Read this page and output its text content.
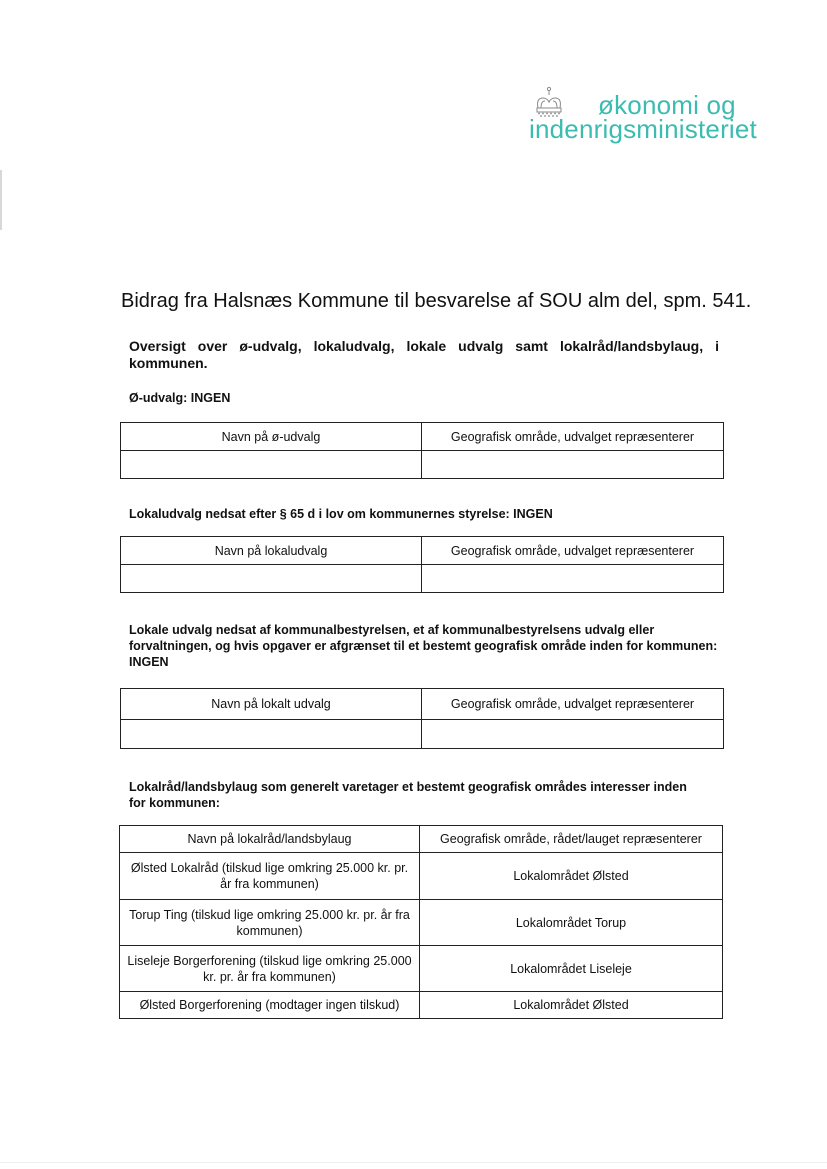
økonomi og
indenrigsministeriet
Bidrag fra Halsnæs Kommune til besvarelse af SOU alm del, spm. 541.
Oversigt over ø-udvalg, lokaludvalg, lokale udvalg samt lokalråd/landsbylaug, i kommunen.
Ø-udvalg: INGEN
Navn på ø-udvalg	Geografisk område, udvalget repræsenterer

Lokaludvalg nedsat efter § 65 d i lov om kommunernes styrelse: INGEN
Navn på lokaludvalg	Geografisk område, udvalget repræsenterer

Lokale udvalg nedsat af kommunalbestyrelsen, et af kommunalbestyrelsens udvalg eller forvaltningen, og hvis opgaver er afgrænset til et bestemt geografisk område inden for kommunen: INGEN
Navn på lokalt udvalg	Geografisk område, udvalget repræsenterer

Lokalråd/landsbylaug som generelt varetager et bestemt geografisk områdes interesser inden for kommunen:
Navn på lokalråd/landsbylaug	Geografisk område, rådet/lauget repræsenterer
Ølsted Lokalråd (tilskud lige omkring 25.000 kr. pr. år fra kommunen)	Lokalområdet Ølsted
Torup Ting (tilskud lige omkring 25.000 kr. pr. år fra kommunen)	Lokalområdet Torup
Liseleje Borgerforening (tilskud lige omkring 25.000 kr. pr. år fra kommunen)	Lokalområdet Liseleje
Ølsted Borgerforening (modtager ingen tilskud)	Lokalområdet Ølsted
